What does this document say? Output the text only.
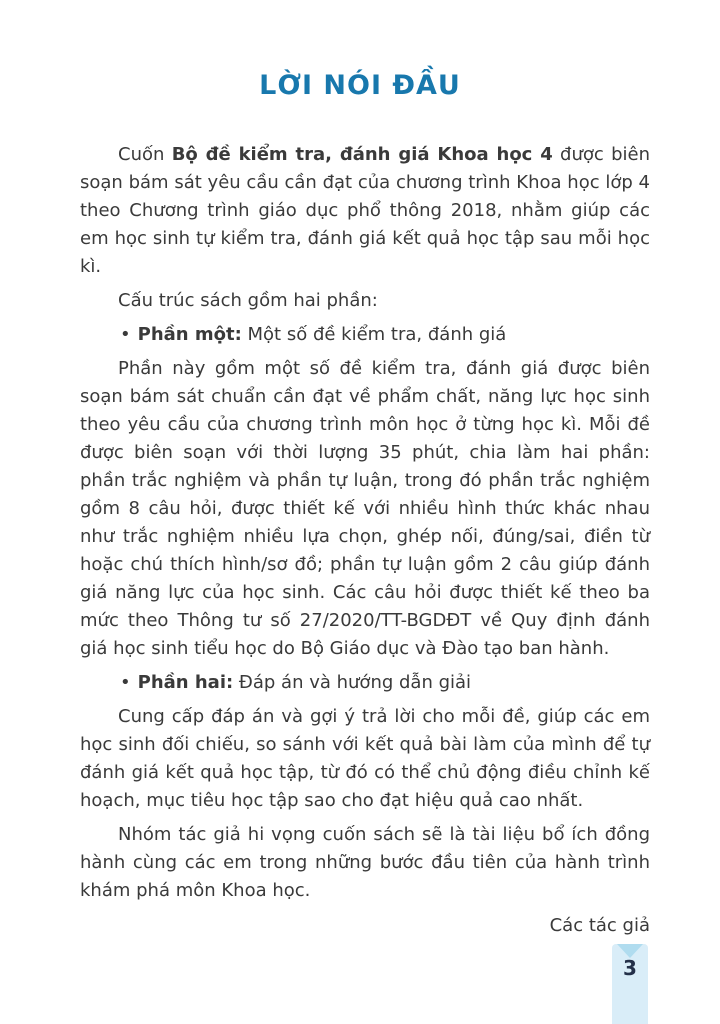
LỜI NÓI ĐẦU

Cuốn Bộ đề kiểm tra, đánh giá Khoa học 4 được biên soạn bám sát yêu cầu cần đạt của chương trình Khoa học lớp 4 theo Chương trình giáo dục phổ thông 2018, nhằm giúp các em học sinh tự kiểm tra, đánh giá kết quả học tập sau mỗi học kì.

Cấu trúc sách gồm hai phần:

• Phần một: Một số đề kiểm tra, đánh giá

Phần này gồm một số đề kiểm tra, đánh giá được biên soạn bám sát chuẩn cần đạt về phẩm chất, năng lực học sinh theo yêu cầu của chương trình môn học ở từng học kì. Mỗi đề được biên soạn với thời lượng 35 phút, chia làm hai phần: phần trắc nghiệm và phần tự luận, trong đó phần trắc nghiệm gồm 8 câu hỏi, được thiết kế với nhiều hình thức khác nhau như trắc nghiệm nhiều lựa chọn, ghép nối, đúng/sai, điền từ hoặc chú thích hình/sơ đồ; phần tự luận gồm 2 câu giúp đánh giá năng lực của học sinh. Các câu hỏi được thiết kế theo ba mức theo Thông tư số 27/2020/TT-BGDĐT về Quy định đánh giá học sinh tiểu học do Bộ Giáo dục và Đào tạo ban hành.

• Phần hai: Đáp án và hướng dẫn giải

Cung cấp đáp án và gợi ý trả lời cho mỗi đề, giúp các em học sinh đối chiếu, so sánh với kết quả bài làm của mình để tự đánh giá kết quả học tập, từ đó có thể chủ động điều chỉnh kế hoạch, mục tiêu học tập sao cho đạt hiệu quả cao nhất.

Nhóm tác giả hi vọng cuốn sách sẽ là tài liệu bổ ích đồng hành cùng các em trong những bước đầu tiên của hành trình khám phá môn Khoa học.

Các tác giả
3
